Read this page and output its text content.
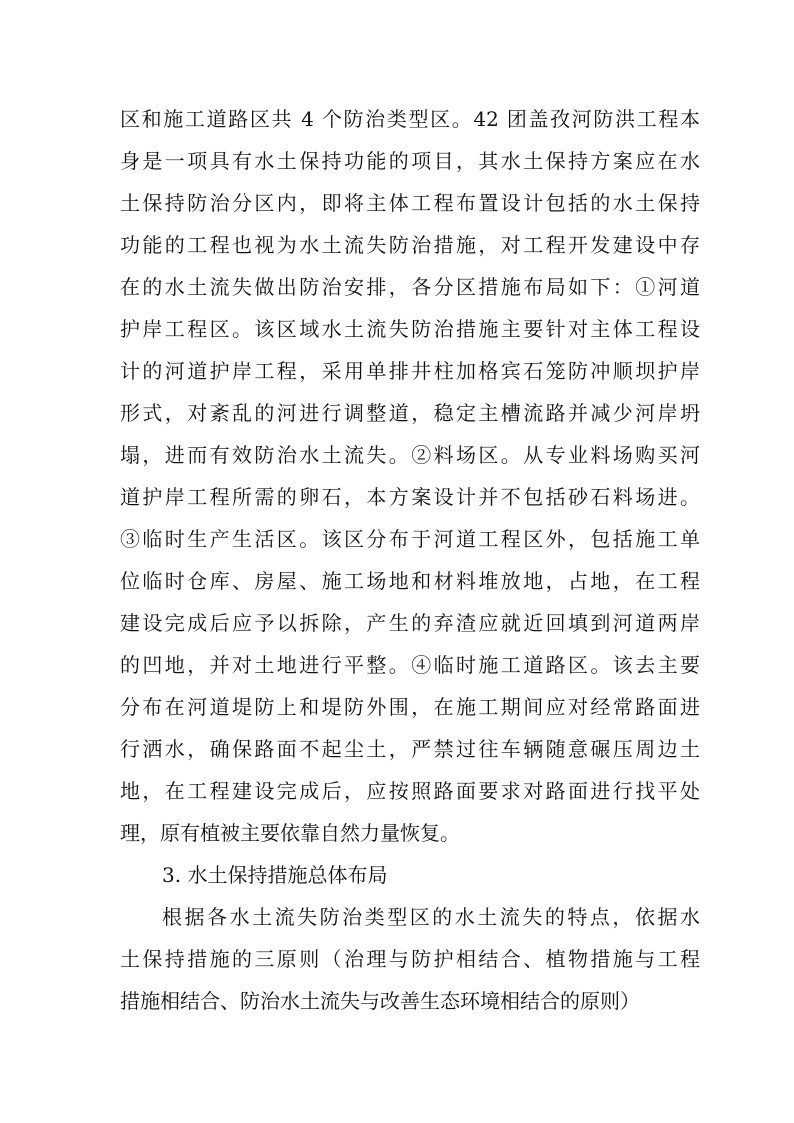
区和施工道路区共 4 个防治类型区。42 团盖孜河防洪工程本
身是一项具有水土保持功能的项目，其水土保持方案应在水
土保持防治分区内，即将主体工程布置设计包括的水土保持
功能的工程也视为水土流失防治措施，对工程开发建设中存
在的水土流失做出防治安排，各分区措施布局如下：①河道
护岸工程区。该区域水土流失防治措施主要针对主体工程设
计的河道护岸工程，采用单排井柱加格宾石笼防冲顺坝护岸
形式，对紊乱的河进行调整道，稳定主槽流路并减少河岸坍
塌，进而有效防治水土流失。②料场区。从专业料场购买河
道护岸工程所需的卵石，本方案设计并不包括砂石料场进。
③临时生产生活区。该区分布于河道工程区外，包括施工单
位临时仓库、房屋、施工场地和材料堆放地，占地，在工程
建设完成后应予以拆除，产生的弃渣应就近回填到河道两岸
的凹地，并对土地进行平整。④临时施工道路区。该去主要
分布在河道堤防上和堤防外围，在施工期间应对经常路面进
行洒水，确保路面不起尘土，严禁过往车辆随意碾压周边土
地，在工程建设完成后，应按照路面要求对路面进行找平处
理，原有植被主要依靠自然力量恢复。
3. 水土保持措施总体布局
根据各水土流失防治类型区的水土流失的特点，依据水
土保持措施的三原则（治理与防护相结合、植物措施与工程
措施相结合、防治水土流失与改善生态环境相结合的原则）
